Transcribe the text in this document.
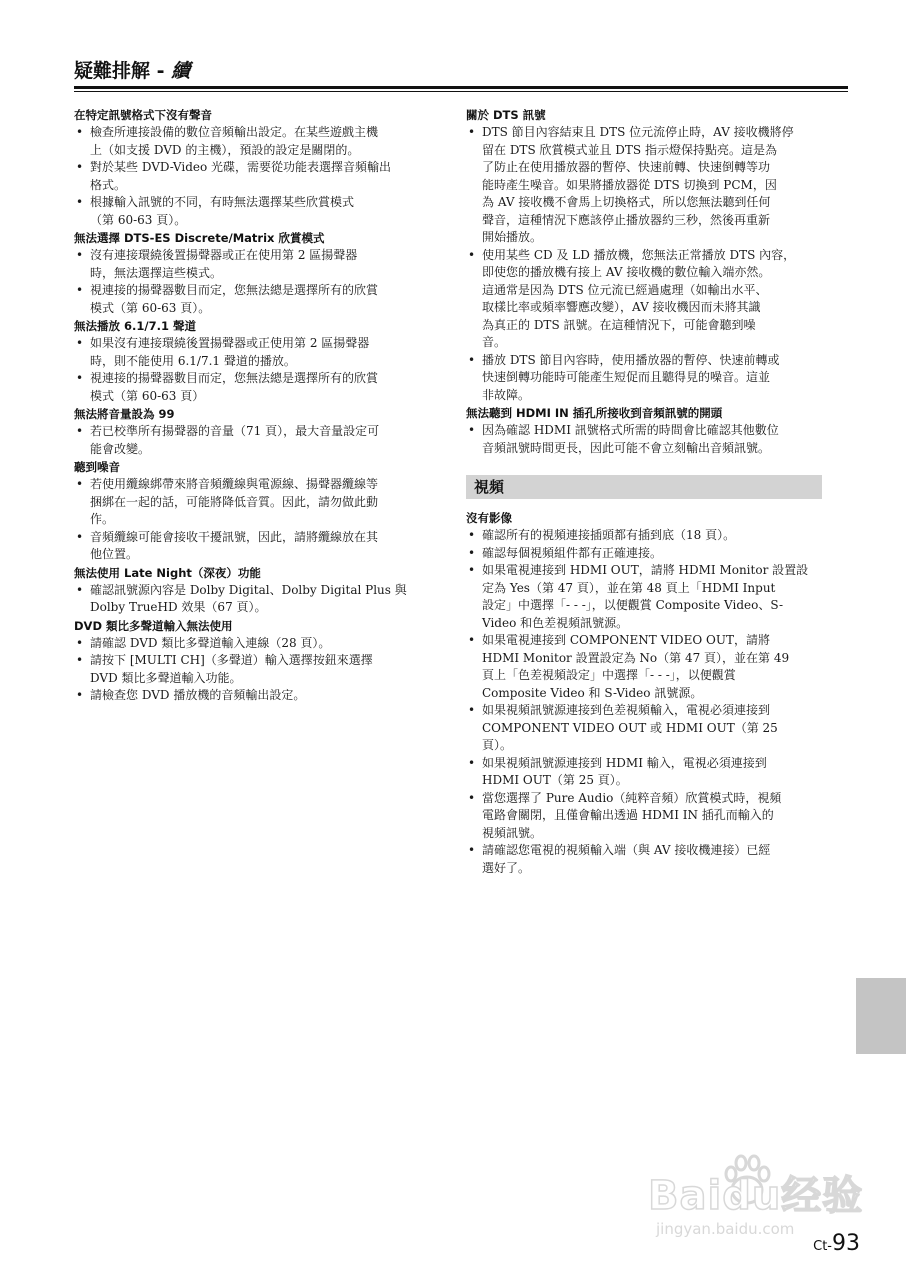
疑難排解 - 續
在特定訊號格式下沒有聲音
• 檢查所連接設備的數位音頻輸出設定。在某些遊戲主機
上（如支援 DVD 的主機），預設的設定是關閉的。
• 對於某些 DVD-Video 光碟，需要從功能表選擇音頻輸出
格式。
• 根據輸入訊號的不同，有時無法選擇某些欣賞模式
（第 60-63 頁）。
無法選擇 DTS-ES Discrete/Matrix 欣賞模式
• 沒有連接環繞後置揚聲器或正在使用第 2 區揚聲器
時，無法選擇這些模式。
• 視連接的揚聲器數目而定，您無法總是選擇所有的欣賞
模式（第 60-63 頁）。
無法播放 6.1/7.1 聲道
• 如果沒有連接環繞後置揚聲器或正使用第 2 區揚聲器
時，則不能使用 6.1/7.1 聲道的播放。
• 視連接的揚聲器數目而定，您無法總是選擇所有的欣賞
模式（第 60-63 頁）
無法將音量設為 99
• 若已校準所有揚聲器的音量（71 頁），最大音量設定可
能會改變。
聽到噪音
• 若使用纜線綁帶來將音頻纜線與電源線、揚聲器纜線等
捆綁在一起的話，可能將降低音質。因此，請勿做此動
作。
• 音頻纜線可能會接收干擾訊號，因此，請將纜線放在其
他位置。
無法使用 Late Night（深夜）功能
• 確認訊號源內容是 Dolby Digital、Dolby Digital Plus 與
Dolby TrueHD 效果（67 頁）。
DVD 類比多聲道輸入無法使用
• 請確認 DVD 類比多聲道輸入連線（28 頁）。
• 請按下 [MULTI CH]（多聲道）輸入選擇按鈕來選擇
DVD 類比多聲道輸入功能。
• 請檢查您 DVD 播放機的音頻輸出設定。
關於 DTS 訊號
• DTS 節目內容結束且 DTS 位元流停止時，AV 接收機將停
留在 DTS 欣賞模式並且 DTS 指示燈保持點亮。這是為
了防止在使用播放器的暫停、快速前轉、快速倒轉等功
能時產生噪音。如果將播放器從 DTS 切換到 PCM，因
為 AV 接收機不會馬上切換格式，所以您無法聽到任何
聲音，這種情況下應該停止播放器約三秒，然後再重新
開始播放。
• 使用某些 CD 及 LD 播放機，您無法正常播放 DTS 內容，
即使您的播放機有接上 AV 接收機的數位輸入端亦然。
這通常是因為 DTS 位元流已經過處理（如輸出水平、
取樣比率或頻率響應改變），AV 接收機因而未將其識
為真正的 DTS 訊號。在這種情況下，可能會聽到噪
音。
• 播放 DTS 節目內容時，使用播放器的暫停、快速前轉或
快速倒轉功能時可能產生短促而且聽得見的噪音。這並
非故障。
無法聽到 HDMI IN 插孔所接收到音頻訊號的開頭
• 因為確認 HDMI 訊號格式所需的時間會比確認其他數位
音頻訊號時間更長，因此可能不會立刻輸出音頻訊號。
視頻
沒有影像
• 確認所有的視頻連接插頭都有插到底（18 頁）。
• 確認每個視頻組件都有正確連接。
• 如果電視連接到 HDMI OUT，請將 HDMI Monitor 設置設
定為 Yes（第 47 頁），並在第 48 頁上「HDMI Input
設定」中選擇「- - -」，以便觀賞 Composite Video、S-
Video 和色差視頻訊號源。
• 如果電視連接到 COMPONENT VIDEO OUT，請將
HDMI Monitor 設置設定為 No（第 47 頁），並在第 49
頁上「色差視頻設定」中選擇「- - -」，以便觀賞
Composite Video 和 S-Video 訊號源。
• 如果視頻訊號源連接到色差視頻輸入，電視必須連接到
COMPONENT VIDEO OUT 或 HDMI OUT（第 25
頁）。
• 如果視頻訊號源連接到 HDMI 輸入，電視必須連接到
HDMI OUT（第 25 頁）。
• 當您選擇了 Pure Audio（純粹音頻）欣賞模式時，視頻
電路會關閉，且僅會輸出透過 HDMI IN 插孔而輸入的
視頻訊號。
• 請確認您電視的視頻輸入端（與 AV 接收機連接）已經
選好了。
Baidu经验
jingyan.baidu.com
Ct-93
